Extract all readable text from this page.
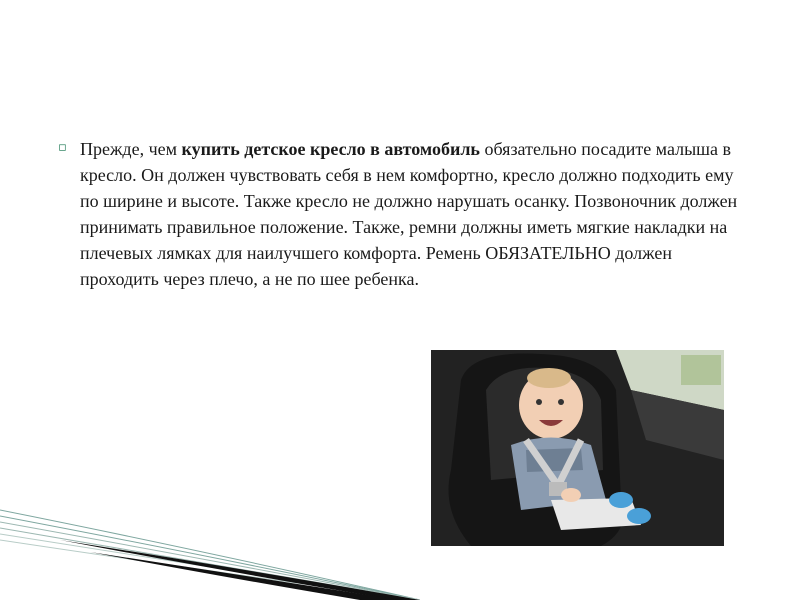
▫ Прежде, чем купить детское кресло в автомобиль обязательно посадите малыша в кресло. Он должен чувствовать себя в нем комфортно, кресло должно подходить ему по ширине и высоте. Также кресло не должно нарушать осанку. Позвоночник должен принимать правильное положение. Также, ремни должны иметь мягкие накладки на плечевых лямках для наилучшего комфорта. Ремень ОБЯЗАТЕЛЬНО должен проходить через плечо, а не по шее ребенка.
